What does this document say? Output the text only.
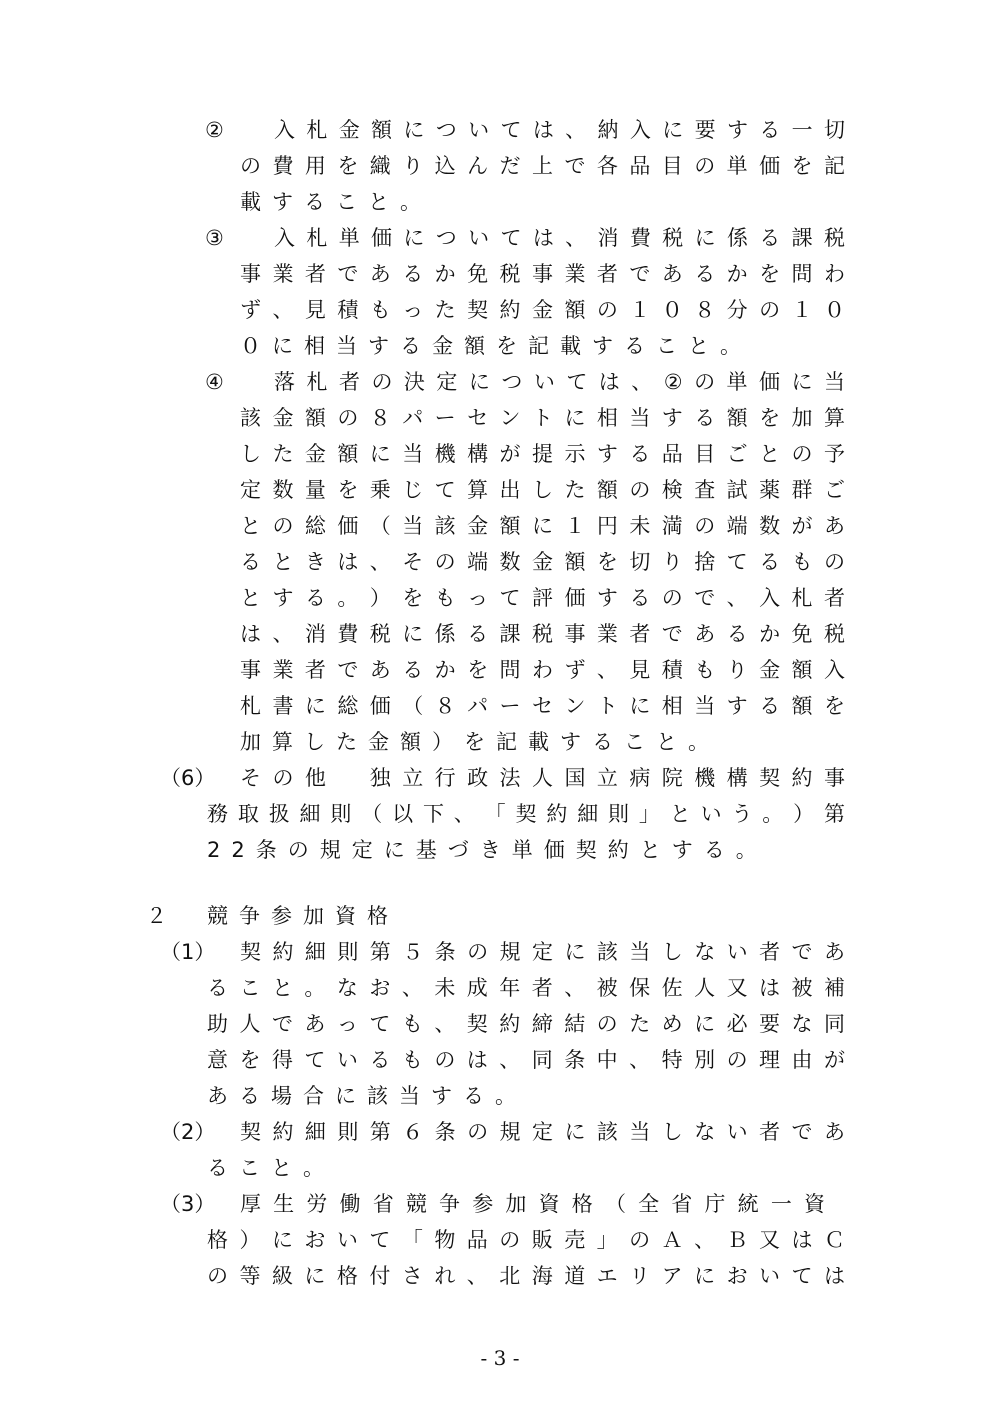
② 入​札​金​額​に​つ​い​て​は​、​納​入​に​要​す​る​一​切
の​費​用​を​織​り​込​ん​だ​上​で​各​品​目​の​単​価​を​記
載すること。
③ 入​札​単​価​に​つ​い​て​は​、​消​費​税​に​係​る​課​税
事​業​者​で​あ​る​か​免​税​事​業​者​で​あ​る​か​を​問​わ
ず​、​見​積​も​っ​た​契​約​金​額​の​１​０​８​分​の​１​０
０に相当する金額を記載すること。
④ 落​札​者​の​決​定​に​つ​い​て​は​、​②​の​単​価​に​当
該​金​額​の​８​パ​ー​セ​ン​ト​に​相​当​す​る​額​を​加​算
し​た​金​額​に​当​機​構​が​提​示​す​る​品​目​ご​と​の​予
定​数​量​を​乗​じ​て​算​出​し​た​額​の​検​査​試​薬​群​ご
と​の​総​価​（​当​該​金​額​に​１​円​未​満​の​端​数​が​あ
る​と​き​は​、​そ​の​端​数​金​額​を​切​り​捨​て​る​も​の
と​す​る​。​）​を​も​っ​て​評​価​す​る​の​で​、​入​札​者
は​、​消​費​税​に​係​る​課​税​事​業​者​で​あ​る​か​免​税
事​業​者​で​あ​る​か​を​問​わ​ず​、​見​積​も​り​金​額​入
札​書​に​総​価​（​８​パ​ー​セ​ン​ト​に​相​当​す​る​額​を
加算した金額）を記載すること。
（6） そ​の​他​　​独​立​行​政​法​人​国​立​病​院​機​構​契​約​事
務​取​扱​細​則​（​以​下​、​「​契​約​細​則​」​と​い​う​。​）​第
22条の規定に基づき単価契約とする。
２ 競争参加資格
（1） 契​約​細​則​第​５​条​の​規​定​に​該​当​し​な​い​者​で​あ
る​こ​と​。​な​お​、​未​成​年​者​、​被​保​佐​人​又​は​被​補
助​人​で​あ​っ​て​も​、​契​約​締​結​の​た​め​に​必​要​な​同
意​を​得​て​い​る​も​の​は​、​同​条​中​、​特​別​の​理​由​が
ある場合に該当する。
（2） 契​約​細​則​第​６​条​の​規​定​に​該​当​し​な​い​者​で​あ
ること。
（3） 厚​生​労​働​省​競​争​参​加​資​格​（​全​省​庁​統​一​資
格​）​に​お​い​て​「​物​品​の​販​売​」​の​Ａ​、​Ｂ​又​は​Ｃ
の​等​級​に​格​付​さ​れ​、​北​海​道​エ​リ​ア​に​お​い​て​は
- 3 -
